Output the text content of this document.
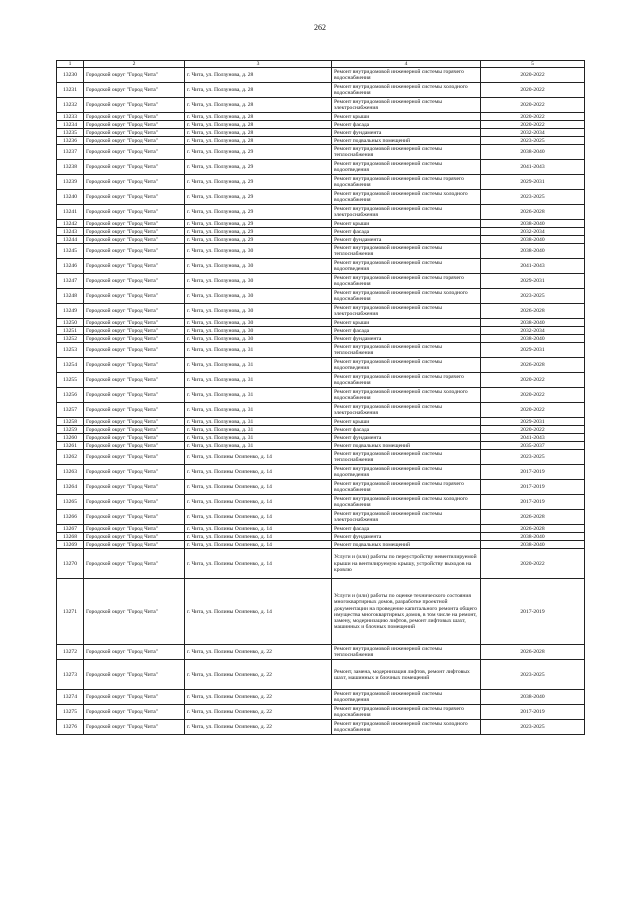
262
1	2	3	4	5
13230	Городской округ "Город Чита"	г. Чита, ул. Ползунова, д. 28	Ремонт внутридомовой инженерной системы горячего водоснабжения	2020-2022
13231	Городской округ "Город Чита"	г. Чита, ул. Ползунова, д. 28	Ремонт внутридомовой инженерной системы холодного водоснабжения	2020-2022
13232	Городской округ "Город Чита"	г. Чита, ул. Ползунова, д. 28	Ремонт внутридомовой инженерной системы электроснабжения	2020-2022
13233	Городской округ "Город Чита"	г. Чита, ул. Ползунова, д. 28	Ремонт крыши	2020-2022
13234	Городской округ "Город Чита"	г. Чита, ул. Ползунова, д. 28	Ремонт фасада	2020-2022
13235	Городской округ "Город Чита"	г. Чита, ул. Ползунова, д. 28	Ремонт фундамента	2032-2034
13236	Городской округ "Город Чита"	г. Чита, ул. Ползунова, д. 28	Ремонт подвальных помещений	2023-2025
13237	Городской округ "Город Чита"	г. Чита, ул. Ползунова, д. 29	Ремонт внутридомовой инженерной системы теплоснабжения	2038-2040
13238	Городской округ "Город Чита"	г. Чита, ул. Ползунова, д. 29	Ремонт внутридомовой инженерной системы водоотведения	2041-2043
13239	Городской округ "Город Чита"	г. Чита, ул. Ползунова, д. 29	Ремонт внутридомовой инженерной системы горячего водоснабжения	2029-2031
13240	Городской округ "Город Чита"	г. Чита, ул. Ползунова, д. 29	Ремонт внутридомовой инженерной системы холодного водоснабжения	2023-2025
13241	Городской округ "Город Чита"	г. Чита, ул. Ползунова, д. 29	Ремонт внутридомовой инженерной системы электроснабжения	2026-2028
13242	Городской округ "Город Чита"	г. Чита, ул. Ползунова, д. 29	Ремонт крыши	2038-2040
13243	Городской округ "Город Чита"	г. Чита, ул. Ползунова, д. 29	Ремонт фасада	2032-2034
13244	Городской округ "Город Чита"	г. Чита, ул. Ползунова, д. 29	Ремонт фундамента	2038-2040
13245	Городской округ "Город Чита"	г. Чита, ул. Ползунова, д. 30	Ремонт внутридомовой инженерной системы теплоснабжения	2038-2040
13246	Городской округ "Город Чита"	г. Чита, ул. Ползунова, д. 30	Ремонт внутридомовой инженерной системы водоотведения	2041-2043
13247	Городской округ "Город Чита"	г. Чита, ул. Ползунова, д. 30	Ремонт внутридомовой инженерной системы горячего водоснабжения	2029-2031
13248	Городской округ "Город Чита"	г. Чита, ул. Ползунова, д. 30	Ремонт внутридомовой инженерной системы холодного водоснабжения	2023-2025
13249	Городской округ "Город Чита"	г. Чита, ул. Ползунова, д. 30	Ремонт внутридомовой инженерной системы электроснабжения	2026-2028
13250	Городской округ "Город Чита"	г. Чита, ул. Ползунова, д. 30	Ремонт крыши	2038-2040
13251	Городской округ "Город Чита"	г. Чита, ул. Ползунова, д. 30	Ремонт фасада	2032-2034
13252	Городской округ "Город Чита"	г. Чита, ул. Ползунова, д. 30	Ремонт фундамента	2038-2040
13253	Городской округ "Город Чита"	г. Чита, ул. Ползунова, д. 31	Ремонт внутридомовой инженерной системы теплоснабжения	2029-2031
13254	Городской округ "Город Чита"	г. Чита, ул. Ползунова, д. 31	Ремонт внутридомовой инженерной системы водоотведения	2026-2028
13255	Городской округ "Город Чита"	г. Чита, ул. Ползунова, д. 31	Ремонт внутридомовой инженерной системы горячего водоснабжения	2020-2022
13256	Городской округ "Город Чита"	г. Чита, ул. Ползунова, д. 31	Ремонт внутридомовой инженерной системы холодного водоснабжения	2020-2022
13257	Городской округ "Город Чита"	г. Чита, ул. Ползунова, д. 31	Ремонт внутридомовой инженерной системы электроснабжения	2020-2022
13258	Городской округ "Город Чита"	г. Чита, ул. Ползунова, д. 31	Ремонт крыши	2029-2031
13259	Городской округ "Город Чита"	г. Чита, ул. Ползунова, д. 31	Ремонт фасада	2020-2022
13260	Городской округ "Город Чита"	г. Чита, ул. Ползунова, д. 31	Ремонт фундамента	2041-2043
13261	Городской округ "Город Чита"	г. Чита, ул. Ползунова, д. 31	Ремонт подвальных помещений	2035-2037
13262	Городской округ "Город Чита"	г. Чита, ул. Полины Осипенко, д. 14	Ремонт внутридомовой инженерной системы теплоснабжения	2023-2025
13263	Городской округ "Город Чита"	г. Чита, ул. Полины Осипенко, д. 14	Ремонт внутридомовой инженерной системы водоотведения	2017-2019
13264	Городской округ "Город Чита"	г. Чита, ул. Полины Осипенко, д. 14	Ремонт внутридомовой инженерной системы горячего водоснабжения	2017-2019
13265	Городской округ "Город Чита"	г. Чита, ул. Полины Осипенко, д. 14	Ремонт внутридомовой инженерной системы холодного водоснабжения	2017-2019
13266	Городской округ "Город Чита"	г. Чита, ул. Полины Осипенко, д. 14	Ремонт внутридомовой инженерной системы электроснабжения	2026-2028
13267	Городской округ "Город Чита"	г. Чита, ул. Полины Осипенко, д. 14	Ремонт фасада	2026-2028
13268	Городской округ "Город Чита"	г. Чита, ул. Полины Осипенко, д. 14	Ремонт фундамента	2038-2040
13269	Городской округ "Город Чита"	г. Чита, ул. Полины Осипенко, д. 14	Ремонт подвальных помещений	2038-2040
13270	Городской округ "Город Чита"	г. Чита, ул. Полины Осипенко, д. 14	Услуги и (или) работы по переустройству невентилируемой крыши на вентилируемую крышу, устройству выходов на кровлю	2020-2022
13271	Городской округ "Город Чита"	г. Чита, ул. Полины Осипенко, д. 14	Услуги и (или) работы по оценке технического состояния многоквартирных домов, разработке проектной документации на проведение капитального ремонта общего имущества многоквартирных домов, в том числе на ремонт, замену, модернизацию лифтов, ремонт лифтовых шахт, машинных и блочных помещений	2017-2019
13272	Городской округ "Город Чита"	г. Чита, ул. Полины Осипенко, д. 22	Ремонт внутридомовой инженерной системы теплоснабжения	2026-2028
13273	Городской округ "Город Чита"	г. Чита, ул. Полины Осипенко, д. 22	Ремонт, замена, модернизация лифтов, ремонт лифтовых шахт, машинных и блочных помещений	2023-2025
13274	Городской округ "Город Чита"	г. Чита, ул. Полины Осипенко, д. 22	Ремонт внутридомовой инженерной системы водоотведения	2038-2040
13275	Городской округ "Город Чита"	г. Чита, ул. Полины Осипенко, д. 22	Ремонт внутридомовой инженерной системы горячего водоснабжения	2017-2019
13276	Городской округ "Город Чита"	г. Чита, ул. Полины Осипенко, д. 22	Ремонт внутридомовой инженерной системы холодного водоснабжения	2023-2025
